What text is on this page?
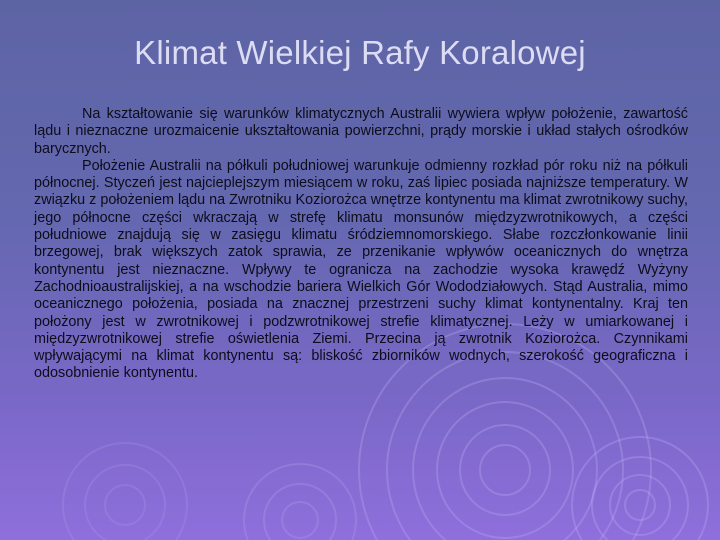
Klimat Wielkiej Rafy Koralowej

Na kształtowanie się warunków klimatycznych Australii wywiera wpływ położenie, zawartość lądu i nieznaczne urozmaicenie ukształtowania powierzchni, prądy morskie i układ stałych ośrodków barycznych.

Położenie Australii na półkuli południowej warunkuje odmienny rozkład pór roku niż na półkuli północnej. Styczeń jest najcieplejszym miesiącem w roku, zaś lipiec posiada najniższe temperatury. W związku z położeniem lądu na Zwrotniku Koziorożca wnętrze kontynentu ma klimat zwrotnikowy suchy, jego północne części wkraczają w strefę klimatu monsunów międzyzwrotnikowych, a części południowe znajdują się w zasięgu klimatu śródziemnomorskiego. Słabe rozczłonkowanie linii brzegowej, brak większych zatok sprawia, ze przenikanie wpływów oceanicznych do wnętrza kontynentu jest nieznaczne. Wpływy te ogranicza na zachodzie wysoka krawędź Wyżyny Zachodnioaustralijskiej, a na wschodzie bariera Wielkich Gór Wododziałowych. Stąd Australia, mimo oceanicznego położenia, posiada na znacznej przestrzeni suchy klimat kontynentalny. Kraj ten położony jest w zwrotnikowej i podzwrotnikowej strefie klimatycznej. Leży w umiarkowanej i międzyzwrotnikowej strefie oświetlenia Ziemi. Przecina ją zwrotnik Koziorożca. Czynnikami wpływającymi na klimat kontynentu są: bliskość zbiorników wodnych, szerokość geograficzna i odosobnienie kontynentu.
